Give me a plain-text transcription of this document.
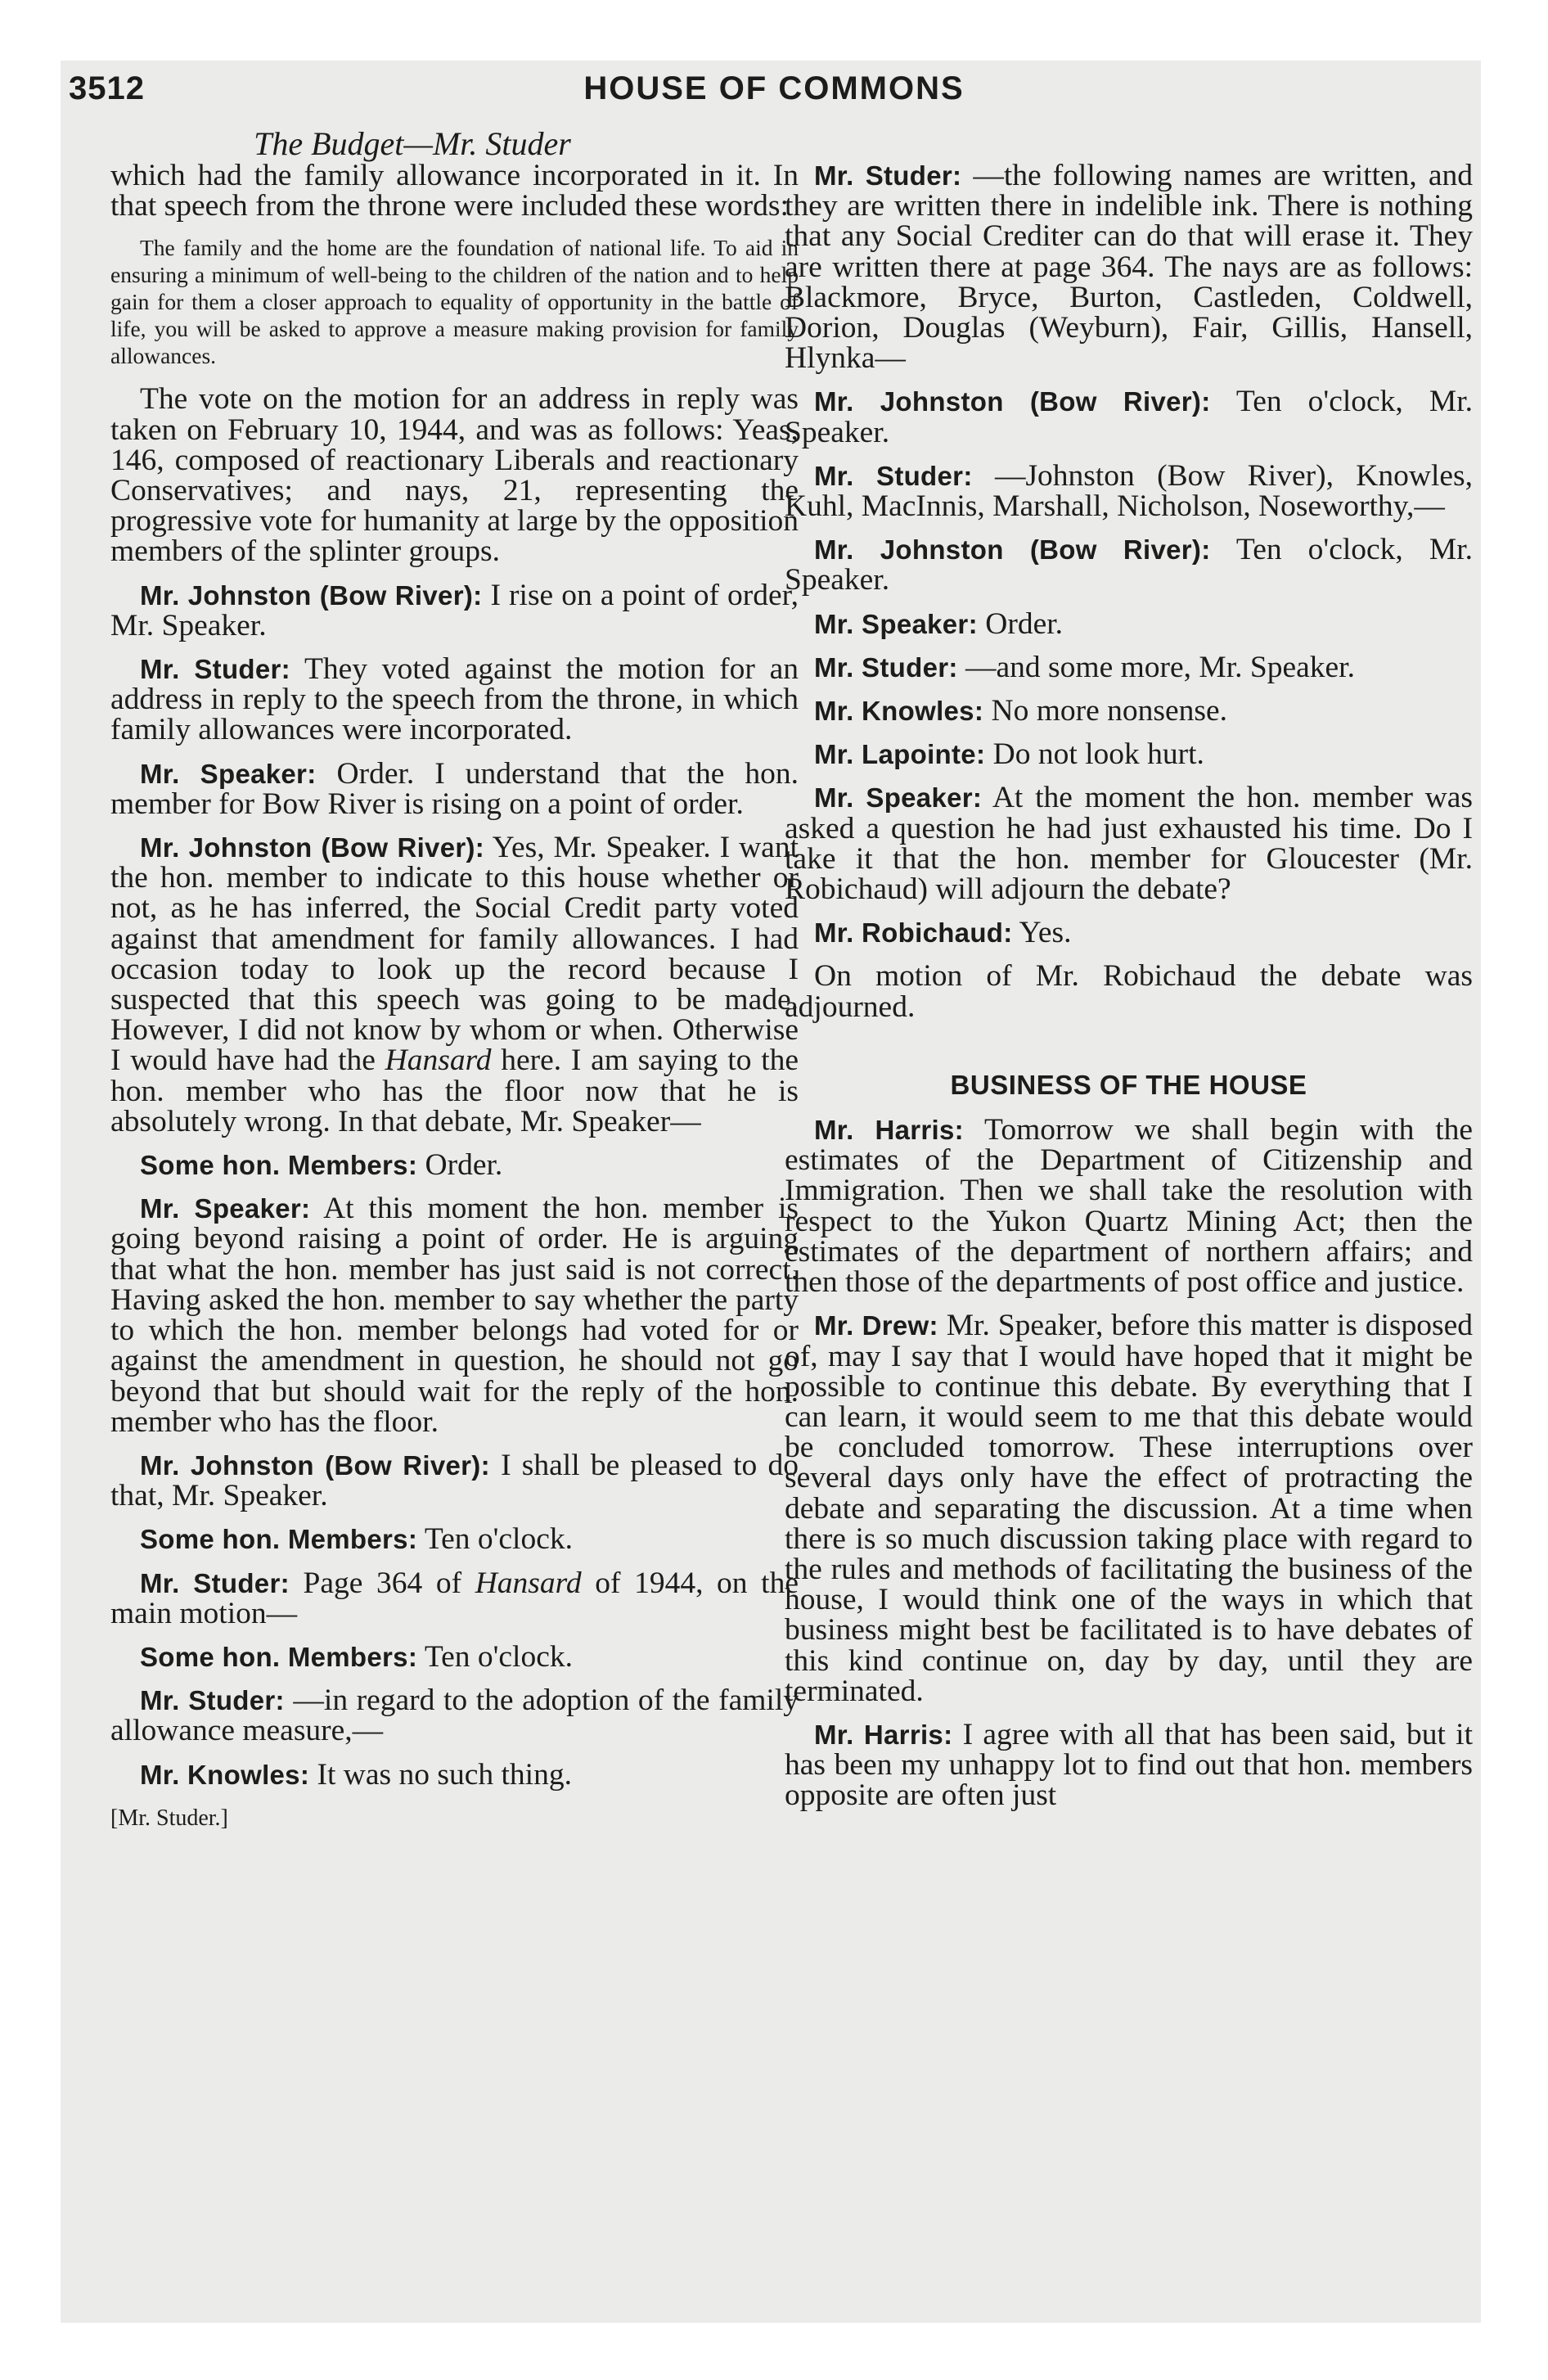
3512	HOUSE OF COMMONS
The Budget—Mr. Studer

which had the family allowance incorporated in it. In that speech from the throne were included these words:

The family and the home are the foundation of national life. To aid in ensuring a minimum of well-being to the children of the nation and to help gain for them a closer approach to equality of opportunity in the battle of life, you will be asked to approve a measure making provision for family allowances.

The vote on the motion for an address in reply was taken on February 10, 1944, and was as follows: Yeas, 146, composed of reactionary Liberals and reactionary Conservatives; and nays, 21, representing the progressive vote for humanity at large by the opposition members of the splinter groups.

Mr. Johnston (Bow River): I rise on a point of order, Mr. Speaker.

Mr. Studer: They voted against the motion for an address in reply to the speech from the throne, in which family allowances were incorporated.

Mr. Speaker: Order. I understand that the hon. member for Bow River is rising on a point of order.

Mr. Johnston (Bow River): Yes, Mr. Speaker. I want the hon. member to indicate to this house whether or not, as he has inferred, the Social Credit party voted against that amendment for family allowances. I had occasion today to look up the record because I suspected that this speech was going to be made. However, I did not know by whom or when. Otherwise I would have had the Hansard here. I am saying to the hon. member who has the floor now that he is absolutely wrong. In that debate, Mr. Speaker—

Some hon. Members: Order.

Mr. Speaker: At this moment the hon. member is going beyond raising a point of order. He is arguing that what the hon. member has just said is not correct. Having asked the hon. member to say whether the party to which the hon. member belongs had voted for or against the amendment in question, he should not go beyond that but should wait for the reply of the hon. member who has the floor.

Mr. Johnston (Bow River): I shall be pleased to do that, Mr. Speaker.

Some hon. Members: Ten o'clock.

Mr. Studer: Page 364 of Hansard of 1944, on the main motion—

Some hon. Members: Ten o'clock.

Mr. Studer: —in regard to the adoption of the family allowance measure,—

Mr. Knowles: It was no such thing.

[Mr. Studer.]

Mr. Studer: —the following names are written, and they are written there in indelible ink. There is nothing that any Social Crediter can do that will erase it. They are written there at page 364. The nays are as follows: Blackmore, Bryce, Burton, Castleden, Coldwell, Dorion, Douglas (Weyburn), Fair, Gillis, Hansell, Hlynka—

Mr. Johnston (Bow River): Ten o'clock, Mr. Speaker.

Mr. Studer: —Johnston (Bow River), Knowles, Kuhl, MacInnis, Marshall, Nicholson, Noseworthy,—

Mr. Johnston (Bow River): Ten o'clock, Mr. Speaker.

Mr. Speaker: Order.

Mr. Studer: —and some more, Mr. Speaker.

Mr. Knowles: No more nonsense.

Mr. Lapointe: Do not look hurt.

Mr. Speaker: At the moment the hon. member was asked a question he had just exhausted his time. Do I take it that the hon. member for Gloucester (Mr. Robichaud) will adjourn the debate?

Mr. Robichaud: Yes.

On motion of Mr. Robichaud the debate was adjourned.

BUSINESS OF THE HOUSE

Mr. Harris: Tomorrow we shall begin with the estimates of the Department of Citizenship and Immigration. Then we shall take the resolution with respect to the Yukon Quartz Mining Act; then the estimates of the department of northern affairs; and then those of the departments of post office and justice.

Mr. Drew: Mr. Speaker, before this matter is disposed of, may I say that I would have hoped that it might be possible to continue this debate. By everything that I can learn, it would seem to me that this debate would be concluded tomorrow. These interruptions over several days only have the effect of protracting the debate and separating the discussion. At a time when there is so much discussion taking place with regard to the rules and methods of facilitating the business of the house, I would think one of the ways in which that business might best be facilitated is to have debates of this kind continue on, day by day, until they are terminated.

Mr. Harris: I agree with all that has been said, but it has been my unhappy lot to find out that hon. members opposite are often just
